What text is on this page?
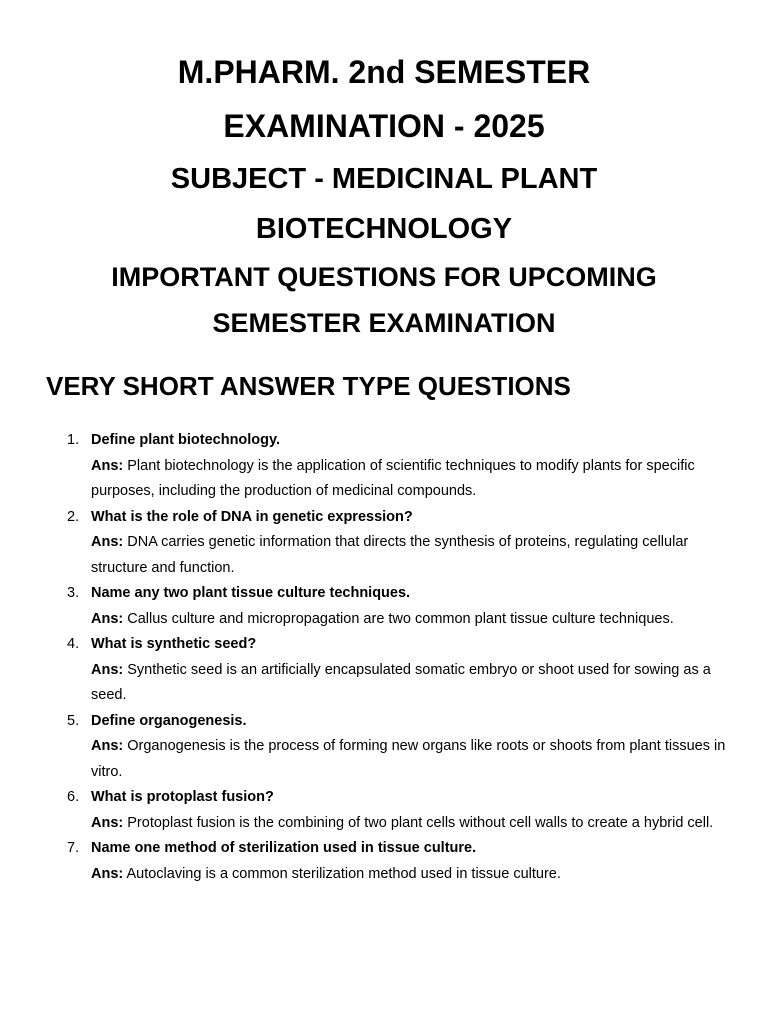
M.PHARM. 2nd SEMESTER
EXAMINATION - 2025
SUBJECT - MEDICINAL PLANT
BIOTECHNOLOGY
IMPORTANT QUESTIONS FOR UPCOMING
SEMESTER EXAMINATION
VERY SHORT ANSWER TYPE QUESTIONS
1. Define plant biotechnology.
Ans: Plant biotechnology is the application of scientific techniques to modify plants for specific purposes, including the production of medicinal compounds.
2. What is the role of DNA in genetic expression?
Ans: DNA carries genetic information that directs the synthesis of proteins, regulating cellular structure and function.
3. Name any two plant tissue culture techniques.
Ans: Callus culture and micropropagation are two common plant tissue culture techniques.
4. What is synthetic seed?
Ans: Synthetic seed is an artificially encapsulated somatic embryo or shoot used for sowing as a seed.
5. Define organogenesis.
Ans: Organogenesis is the process of forming new organs like roots or shoots from plant tissues in vitro.
6. What is protoplast fusion?
Ans: Protoplast fusion is the combining of two plant cells without cell walls to create a hybrid cell.
7. Name one method of sterilization used in tissue culture.
Ans: Autoclaving is a common sterilization method used in tissue culture.
